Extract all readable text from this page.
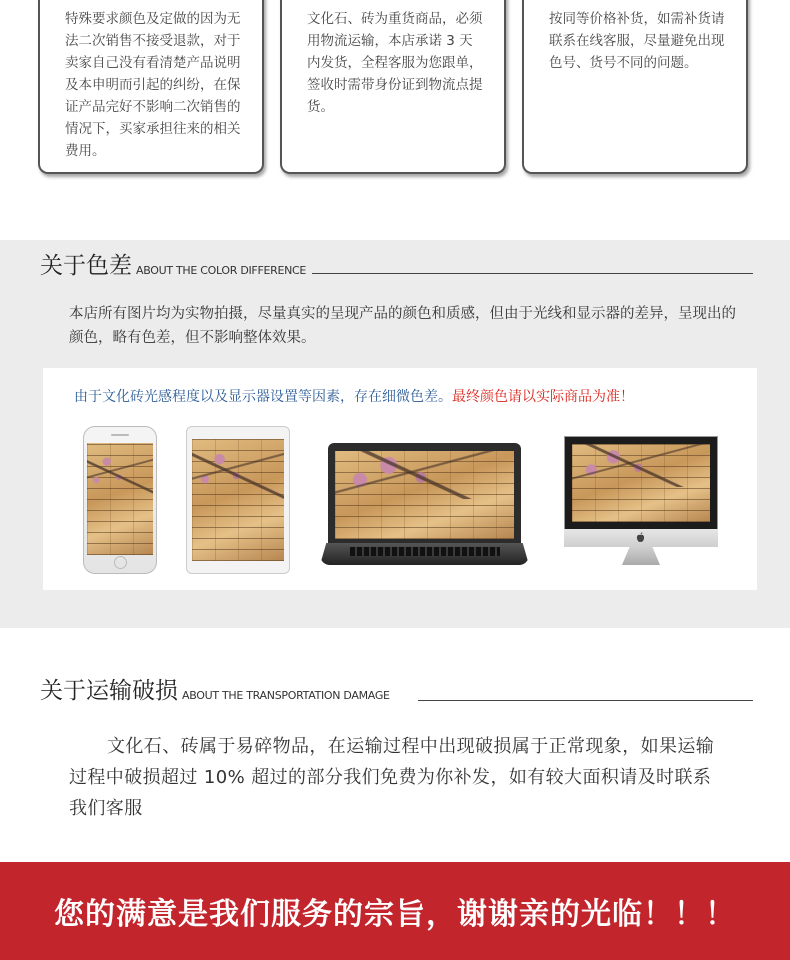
特殊要求颜色及定做的因为无法二次销售不接受退款，对于卖家自己没有看清楚产品说明及本申明而引起的纠纷，在保证产品完好不影响二次销售的情况下，买家承担往来的相关费用。

文化石、砖为重货商品，必须用物流运输，本店承诺 3 天内发货，全程客服为您跟单，签收时需带身份证到物流点提货。

按同等价格补货，如需补货请联系在线客服，尽量避免出现色号、货号不同的问题。

关于色差 ABOUT THE COLOR DIFFERENCE

本店所有图片均为实物拍摄，尽量真实的呈现产品的颜色和质感，但由于光线和显示器的差异，呈现出的颜色，略有色差，但不影响整体效果。

由于文化砖光感程度以及显示器设置等因素，存在细微色差。最终颜色请以实际商品为准！
关于运输破损 ABOUT THE TRANSPORTATION DAMAGE

文化石、砖属于易碎物品，在运输过程中出现破损属于正常现象，如果运输过程中破损超过 10% 超过的部分我们免费为你补发，如有较大面积请及时联系我们客服

您的满意是我们服务的宗旨，谢谢亲的光临！！！
